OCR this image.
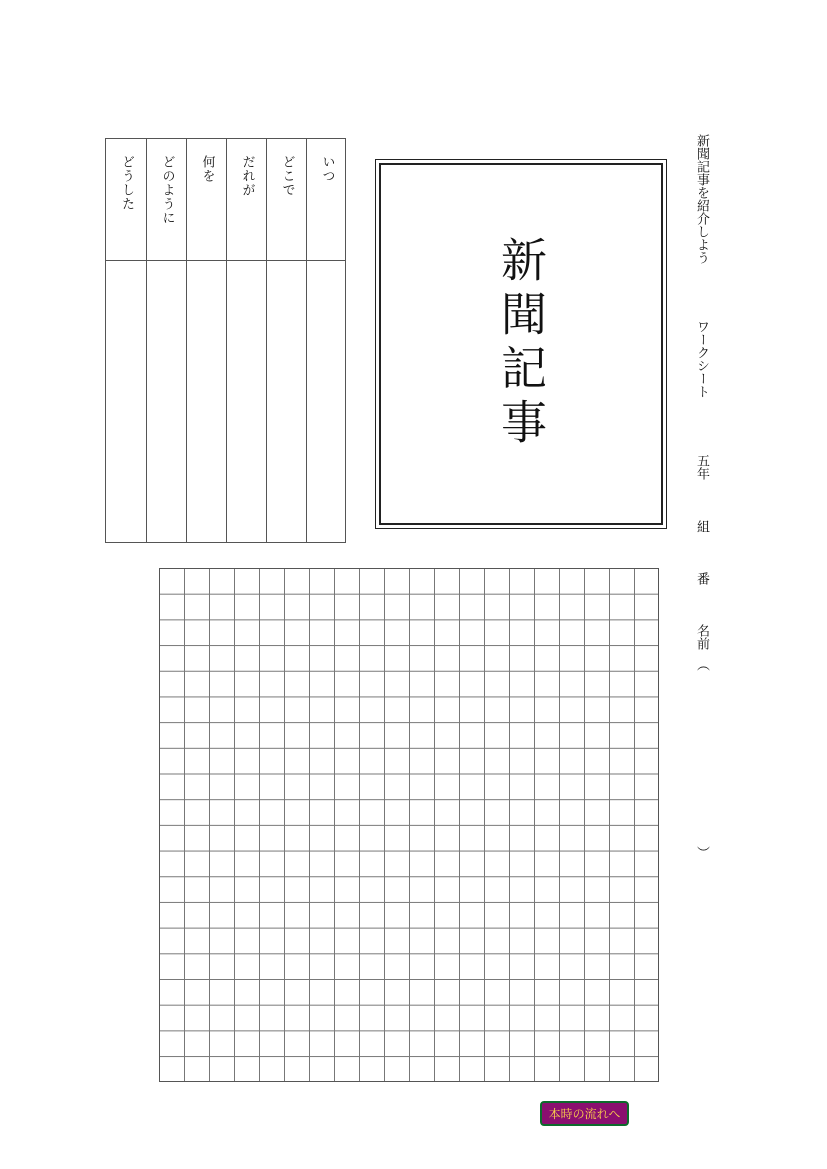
いつ
どこで
だれが
何を
どのように
どうした
新聞記事
新聞記事を紹介しよう
ワークシート
五年
組
番
名前
︵
︶
本時の流れへ
